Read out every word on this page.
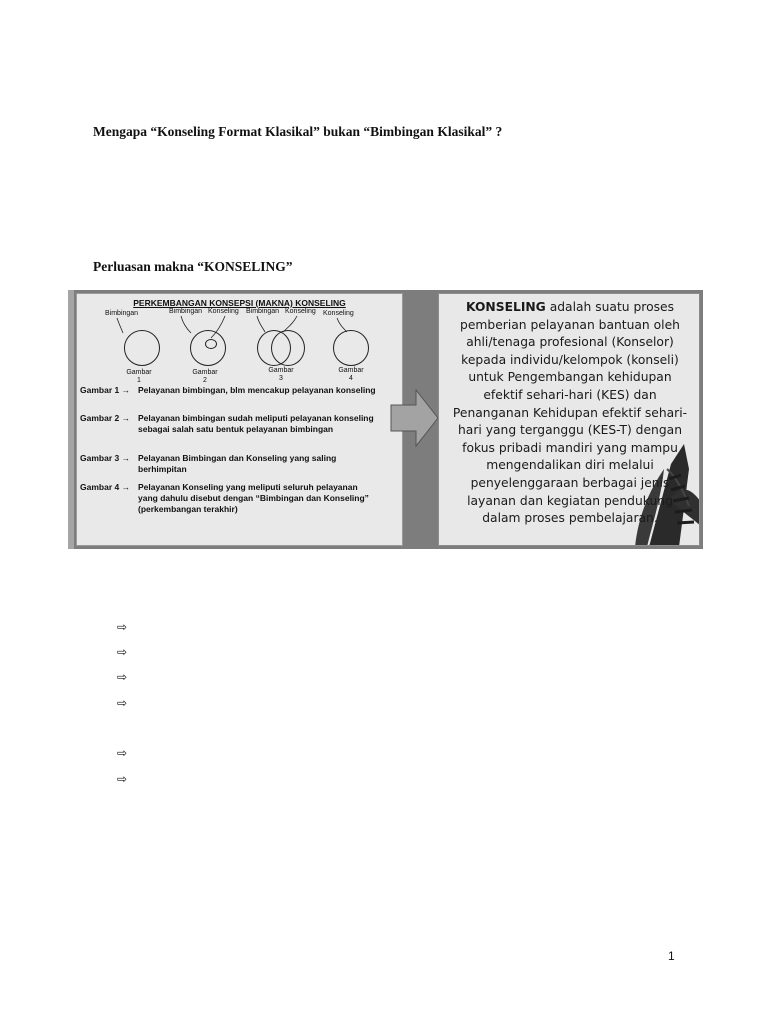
Mengapa “Konseling Format Klasikal” bukan “Bimbingan Klasikal” ?
Perluasan makna “KONSELING”
PERKEMBANGAN KONSEPSI (MAKNA) KONSELING
Bimbingan	Bimbingan Konseling Bimbingan Konseling Konseling
Gambar
1
Gambar
2
Gambar
3
Gambar
4
Gambar 1 → Pelayanan bimbingan, blm mencakup pelayanan konseling
Gambar 2 → Pelayanan bimbingan sudah meliputi pelayanan konseling sebagai salah satu bentuk pelayanan bimbingan
Gambar 3 → Pelayanan Bimbingan dan Konseling yang saling berhimpitan
Gambar 4 → Pelayanan Konseling yang meliputi seluruh pelayanan yang dahulu disebut dengan “Bimbingan dan Konseling” (perkembangan terakhir)
KONSELING adalah suatu proses pemberian pelayanan bantuan oleh ahli/tenaga profesional (Konselor) kepada individu/kelompok (konseli) untuk Pengembangan kehidupan efektif sehari-hari (KES) dan Penanganan Kehidupan efektif sehari-hari yang terganggu (KES-T) dengan fokus pribadi mandiri yang mampu mengendalikan diri melalui penyelenggaraan berbagai jenis layanan dan kegiatan pendukung dalam proses pembelajaran.
⇨
⇨
⇨
⇨
⇨
⇨
1
